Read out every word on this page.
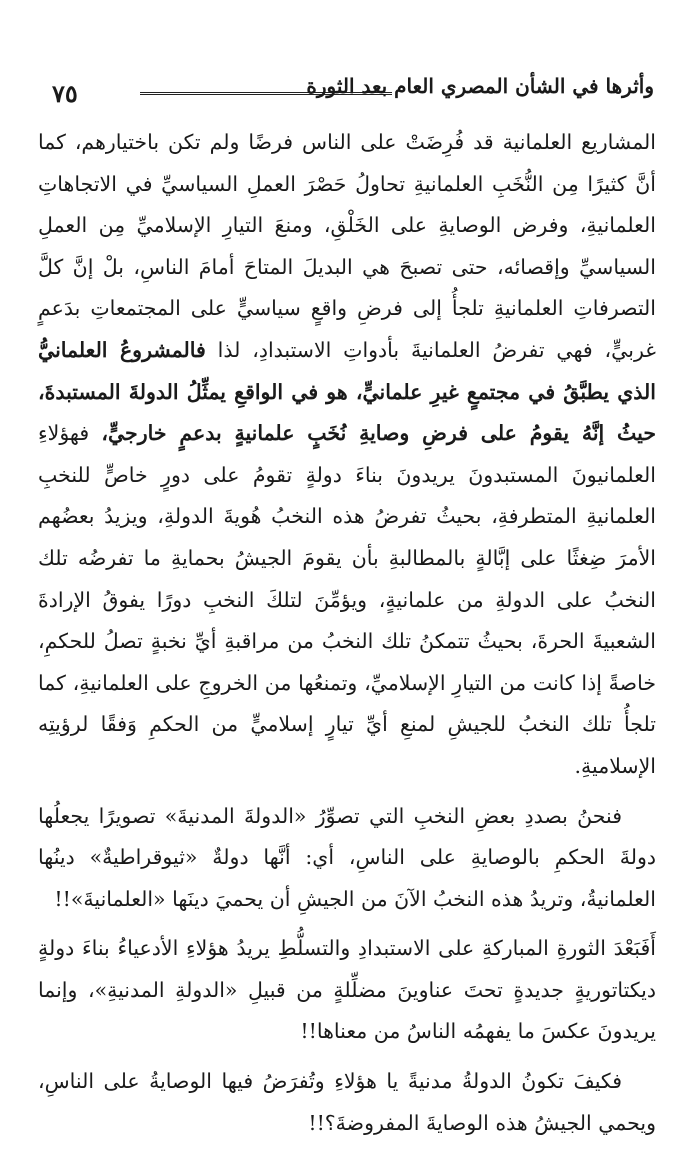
٧٥	وأثرها في الشأن المصري العام بعد الثورة

المشاريع العلمانية قد فُرِضَتْ على الناس فرضًا ولم تكن باختيارهم، كما أنَّ كثيرًا مِن النُّخَبِ العلمانيةِ تحاولُ حَصْرَ العملِ السياسيِّ في الاتجاهاتِ العلمانيةِ، وفرض الوصايةِ على الخَلْقِ، ومنعَ التيارِ الإسلاميِّ مِن العملِ السياسيِّ وإقصائه، حتى تصبحَ هي البديلَ المتاحَ أمامَ الناسِ، بلْ إنَّ كلَّ التصرفاتِ العلمانيةِ تلجأُ إلى فرضِ واقعٍ سياسيٍّ على المجتمعاتِ بدَعمٍ غربيٍّ، فهي تفرضُ العلمانيةَ بأدواتِ الاستبدادِ، لذا فالمشروعُ العلمانيُّ الذي يطبَّقُ في مجتمعٍ غيرِ علمانيٍّ، هو في الواقعِ يمثِّلُ الدولةَ المستبدةَ، حيثُ إنَّهُ يقومُ على فرضِ وصايةِ نُخَبٍ علمانيةٍ بدعمٍ خارجيٍّ، فهؤلاءِ العلمانيونَ المستبدونَ يريدونَ بناءَ دولةٍ تقومُ على دورٍ خاصٍّ للنخبِ العلمانيةِ المتطرفةِ، بحيثُ تفرضُ هذه النخبُ هُويةَ الدولةِ، ويزيدُ بعضُهم الأمرَ ضِغثًا على إبَّالةٍ بالمطالبةِ بأن يقومَ الجيشُ بحمايةِ ما تفرضُه تلك النخبُ على الدولةِ من علمانيةٍ، ويؤمِّنَ لتلكَ النخبِ دورًا يفوقُ الإرادةَ الشعبيةَ الحرةَ، بحيثُ تتمكنُ تلك النخبُ من مراقبةِ أيِّ نخبةٍ تصلُ للحكمِ، خاصةً إذا كانت من التيارِ الإسلاميِّ، وتمنعُها من الخروجِ على العلمانيةِ، كما تلجأُ تلك النخبُ للجيشِ لمنعِ أيِّ تيارٍ إسلاميٍّ من الحكمِ وَفقًا لرؤيتِه الإسلاميةِ.

فنحنُ بصددِ بعضِ النخبِ التي تصوِّرُ «الدولةَ المدنيةَ» تصويرًا يجعلُها دولةَ الحكمِ بالوصايةِ على الناسِ، أي: أنَّها دولةٌ «ثيوقراطيةٌ» دينُها العلمانيةُ، وتريدُ هذه النخبُ الآنَ من الجيشِ أن يحميَ دينَها «العلمانيةَ»!!

أَفَبَعْدَ الثورةِ المباركةِ على الاستبدادِ والتسلُّطِ يريدُ هؤلاءِ الأدعياءُ بناءَ دولةٍ ديكتاتوريةٍ جديدةٍ تحتَ عناوينَ مضلِّلةٍ من قبيلِ «الدولةِ المدنيةِ»، وإنما يريدونَ عكسَ ما يفهمُه الناسُ من معناها!!

فكيفَ تكونُ الدولةُ مدنيةً يا هؤلاءِ وتُفرَضُ فيها الوصايةُ على الناسِ، ويحمي الجيشُ هذه الوصايةَ المفروضةَ؟!!
